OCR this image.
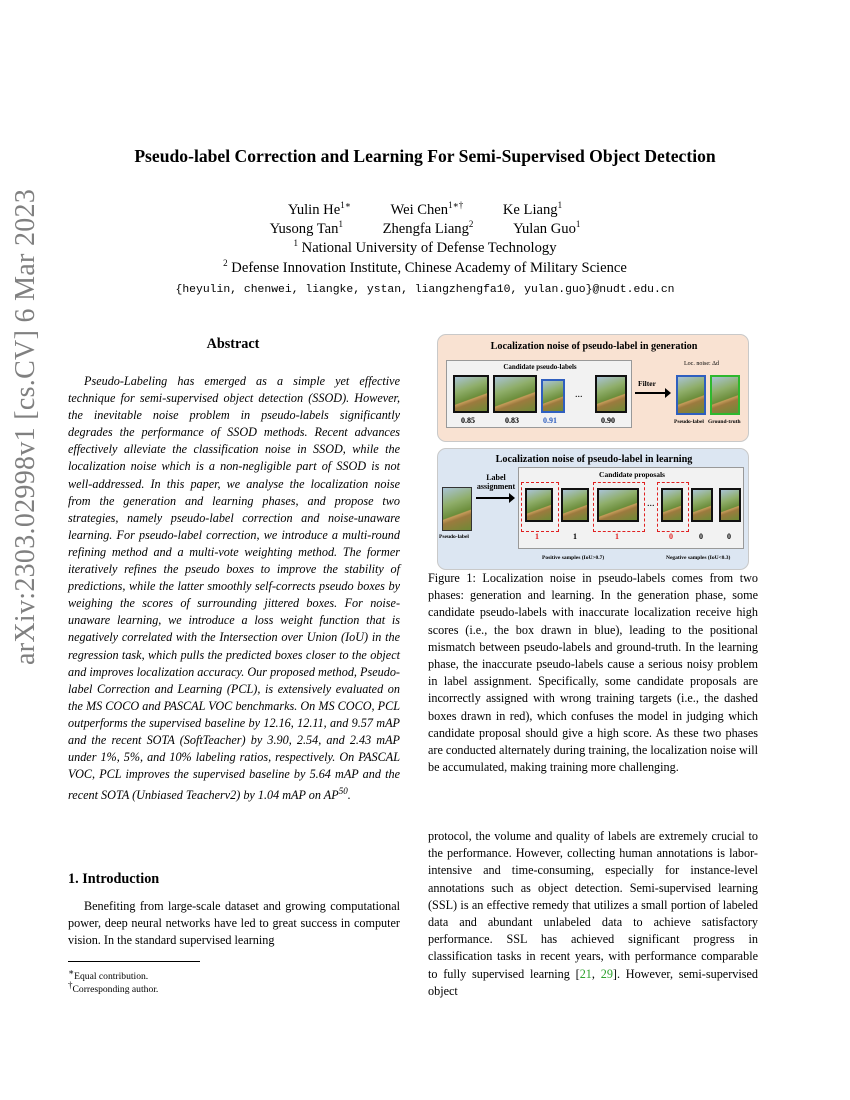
arXiv:2303.02998v1 [cs.CV] 6 Mar 2023
Pseudo-label Correction and Learning For Semi-Supervised Object Detection
Yulin $He^{1∗}$	Wei Chen$^{1∗\dagger}$	Ke Liang$^1$
Yusong Tan$^1$	Zhengfa Liang$^2$	Yulan Guo$^1$
$^1$ National University of Defense Technology
$^2$ Defense Innovation Institute, Chinese Academy of Military Science
{heyulin, chenwei, liangke, ystan, liangzhengfa10, yulan.guo}@nudt.edu.cn
Abstract
Pseudo-Labeling has emerged as a simple yet effective technique for semi-supervised object detection (SSOD). However, the inevitable noise problem in pseudo-labels significantly degrades the performance of SSOD methods. Recent advances effectively alleviate the classification noise in SSOD, while the localization noise which is a non-negligible part of SSOD is not well-addressed. In this paper, we analyse the localization noise from the generation and learning phases, and propose two strategies, namely pseudo-label correction and noise-unaware learning. For pseudo-label correction, we introduce a multi-round refining method and a multi-vote weighting method. The former iteratively refines the pseudo boxes to improve the stability of predictions, while the latter smoothly self-corrects pseudo boxes by weighing the scores of surrounding jittered boxes. For noise-unaware learning, we introduce a loss weight function that is negatively correlated with the Intersection over Union (IoU) in the regression task, which pulls the predicted boxes closer to the object and improves localization accuracy. Our proposed method, Pseudo-label Correction and Learning (PCL), is extensively evaluated on the MS COCO and PASCAL VOC benchmarks. On MS COCO, PCL outperforms the supervised baseline by 12.16, 12.11, and 9.57 mAP and the recent SOTA (SoftTeacher) by 3.90, 2.54, and 2.43 mAP under 1%, 5%, and 10% labeling ratios, respectively. On PASCAL VOC, PCL improves the supervised baseline by 5.64 mAP and the recent SOTA (Unbiased Teacherv2) by 1.04 mAP on AP$^{50}$.
1. Introduction
Benefiting from large-scale dataset and growing computational power, deep neural networks have led to great success in computer vision. In the standard supervised learning
∗Equal contribution.
†Corresponding author.
Localization noise of pseudo-label in generation
Candidate pseudo-labels
...
0.85	0.83	0.91	0.90
Filter
Loc. noise: Δd
Pseudo-label Ground-truth
Localization noise of pseudo-label in learning
Pseudo-label
Label assignment
Candidate proposals
...
1	1	1	0	0	0
Positive samples (IoU>0.7)	Negative samples (IoU<0.3)
Figure 1: Localization noise in pseudo-labels comes from two phases: generation and learning. In the generation phase, some candidate pseudo-labels with inaccurate localization receive high scores (i.e., the box drawn in blue), leading to the positional mismatch between pseudo-labels and ground-truth. In the learning phase, the inaccurate pseudo-labels cause a serious noisy problem in label assignment. Specifically, some candidate proposals are incorrectly assigned with wrong training targets (i.e., the dashed boxes drawn in red), which confuses the model in judging which candidate proposal should give a high score. As these two phases are conducted alternately during training, the localization noise will be accumulated, making training more challenging.
protocol, the volume and quality of labels are extremely crucial to the performance. However, collecting human annotations is labor-intensive and time-consuming, especially for instance-level annotations such as object detection. Semi-supervised learning (SSL) is an effective remedy that utilizes a small portion of labeled data and abundant unlabeled data to achieve satisfactory performance. SSL has achieved significant progress in classification tasks in recent years, with performance comparable to fully supervised learning [21, 29]. However, semi-supervised object
